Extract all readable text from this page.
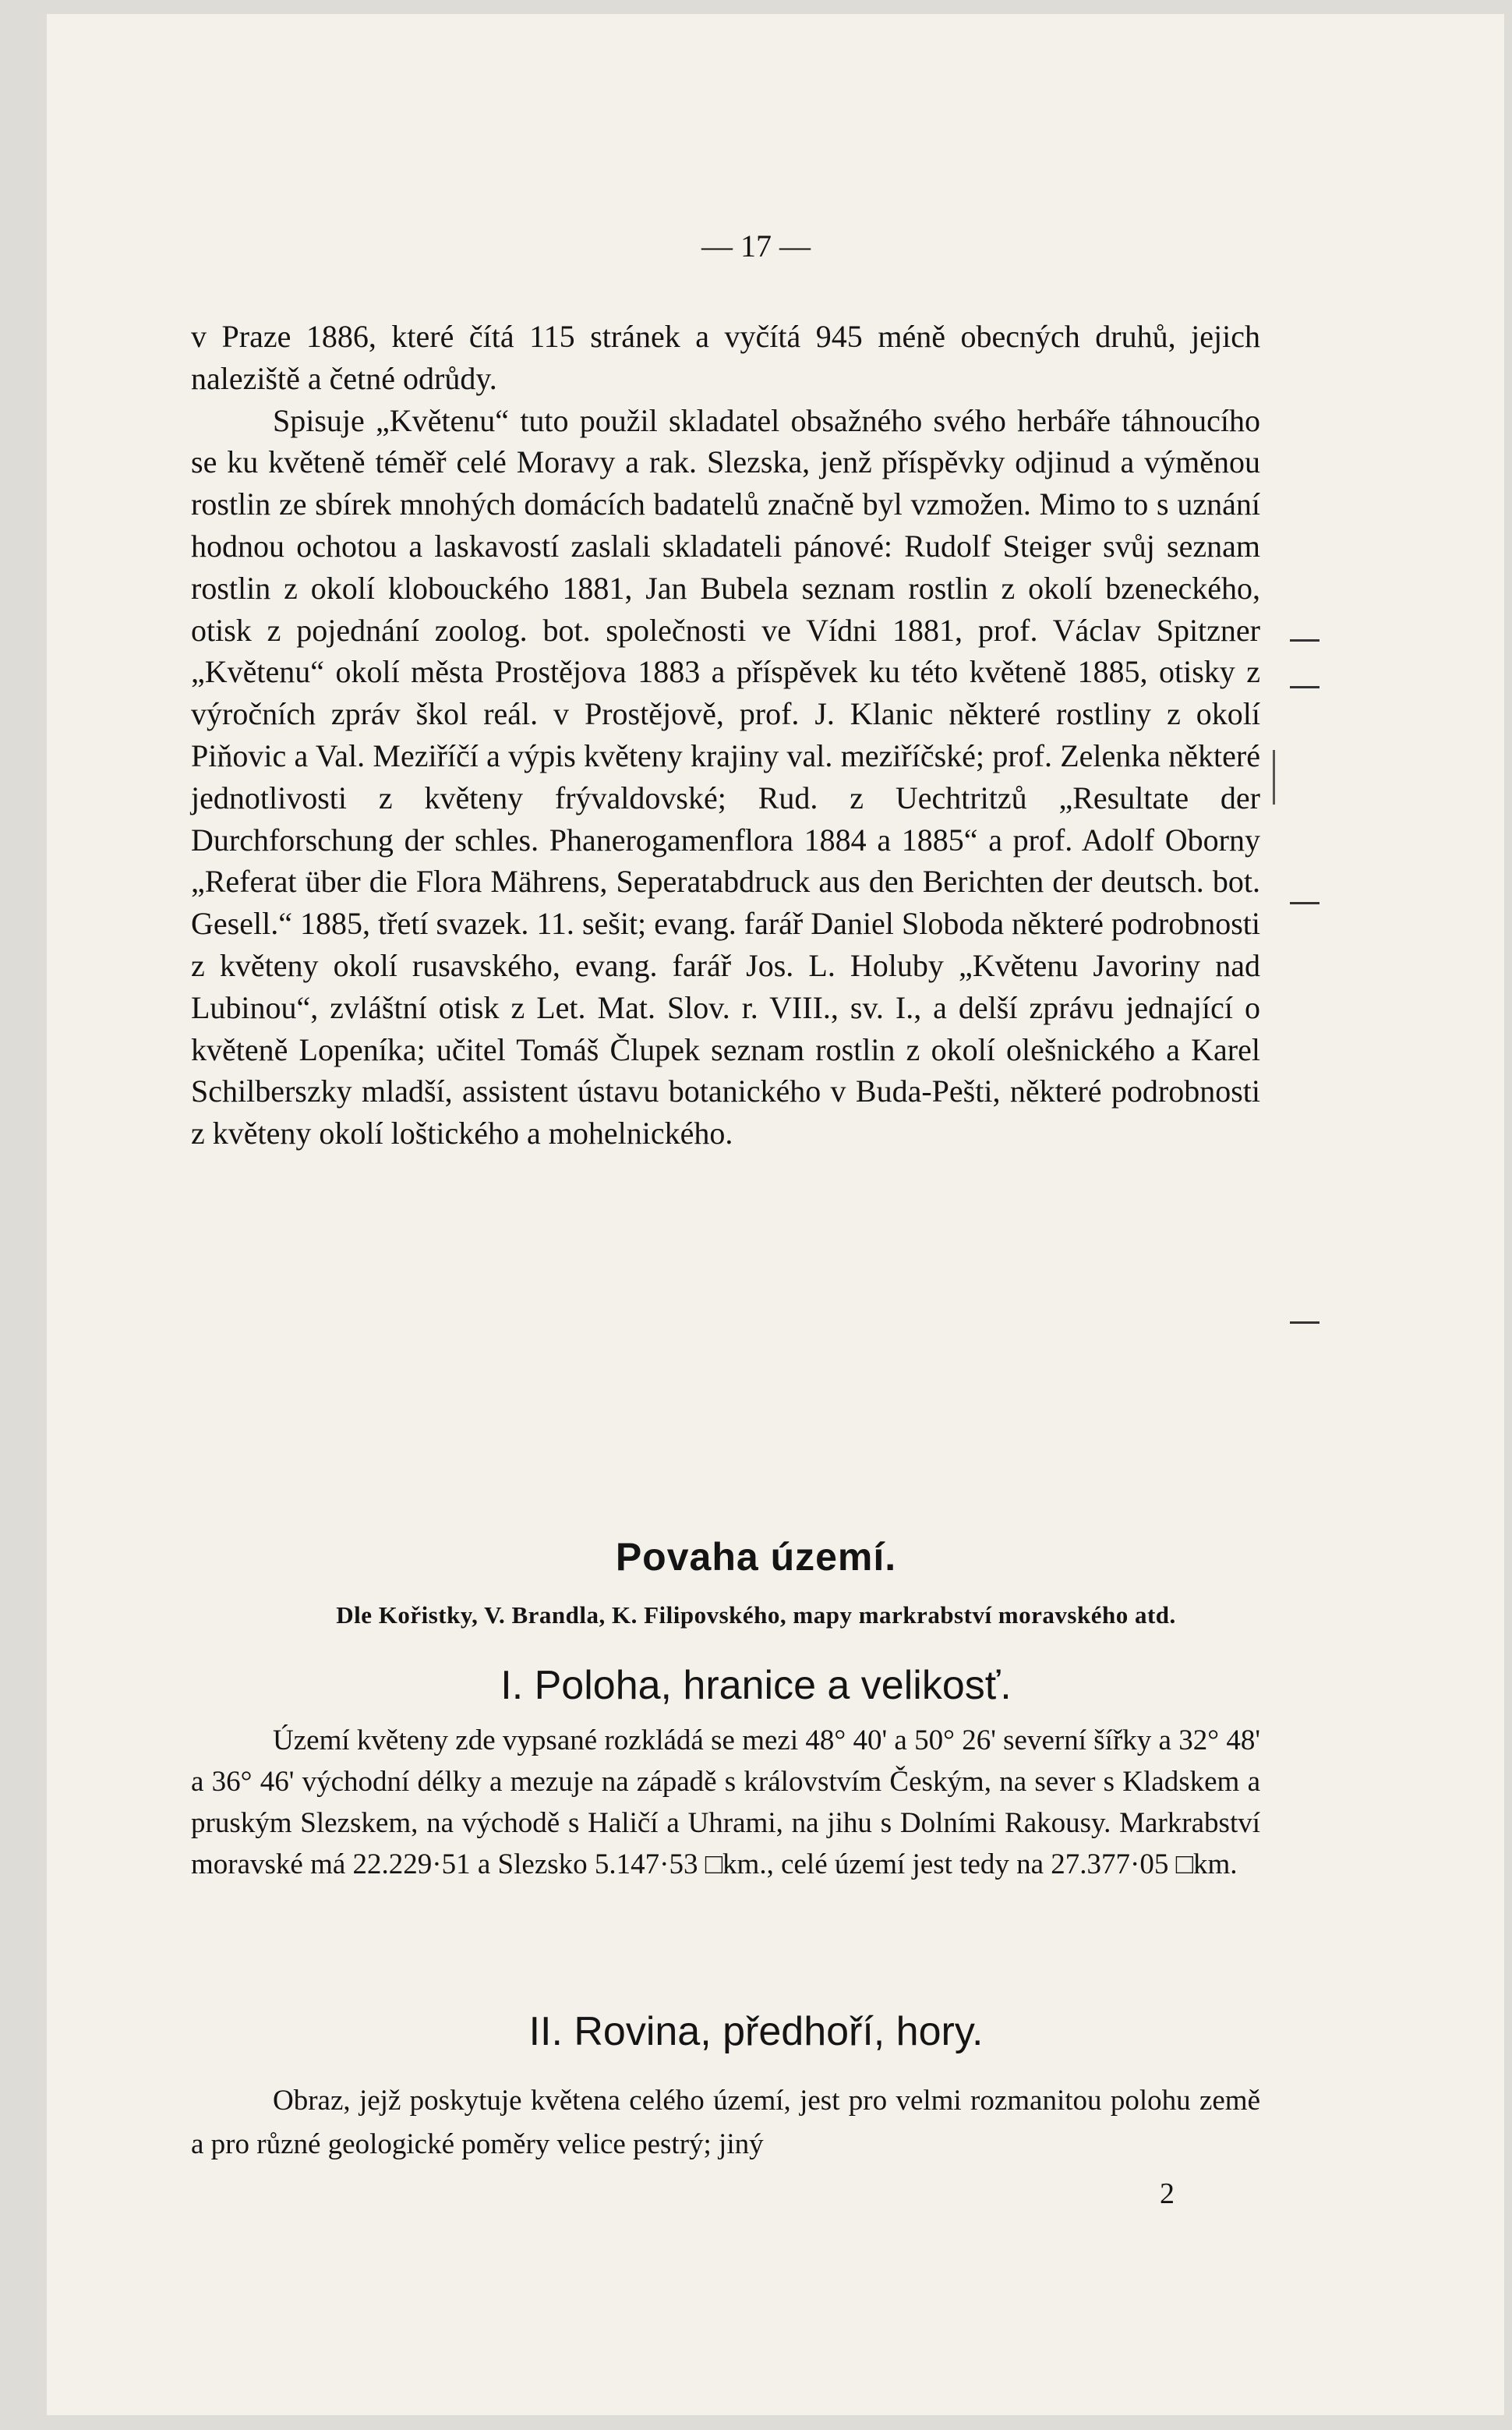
— 17 —

v Praze 1886, které čítá 115 stránek a vyčítá 945 méně obecných druhů, jejich naleziště a četné odrůdy.

Spisuje „Květenu“ tuto použil skladatel obsažného svého herbáře táhnoucího se ku květeně téměř celé Moravy a rak. Slezska, jenž příspěvky odjinud a výměnou rostlin ze sbírek mnohých domácích badatelů značně byl vzmožen. Mimo to s uznání hodnou ochotou a laskavostí zaslali skladateli pánové: Rudolf Steiger svůj seznam rostlin z okolí klobouckého 1881, Jan Bubela seznam rostlin z okolí bzeneckého, otisk z pojednání zoolog. bot. společnosti ve Vídni 1881, prof. Václav Spitzner „Květenu“ okolí města Prostějova 1883 a příspěvek ku této květeně 1885, otisky z výročních zpráv škol reál. v Prostějově, prof. J. Klanic některé rostliny z okolí Piňovic a Val. Meziříčí a výpis květeny krajiny val. meziříčské; prof. Zelenka některé jednotlivosti z květeny frývaldovské; Rud. z Uechtritzů „Resultate der Durchforschung der schles. Phanerogamenflora 1884 a 1885“ a prof. Adolf Oborny „Referat über die Flora Mährens, Seperatabdruck aus den Berichten der deutsch. bot. Gesell.“ 1885, třetí svazek. 11. sešit; evang. farář Daniel Sloboda některé podrobnosti z květeny okolí rusavského, evang. farář Jos. L. Holuby „Květenu Javoriny nad Lubinou“, zvláštní otisk z Let. Mat. Slov. r. VIII., sv. I., a delší zprávu jednající o květeně Lopeníka; učitel Tomáš Člupek seznam rostlin z okolí olešnického a Karel Schilberszky mladší, assistent ústavu botanického v Buda-Pešti, některé podrobnosti z květeny okolí loštického a mohelnického.

Povaha území.
Dle Kořistky, V. Brandla, K. Filipovského, mapy markrabství moravského atd.
I. Poloha, hranice a velikosť.

Území květeny zde vypsané rozkládá se mezi 48° 40' a 50° 26' severní šířky a 32° 48' a 36° 46' východní délky a mezuje na západě s královstvím Českým, na sever s Kladskem a pruským Slezskem, na východě s Haličí a Uhrami, na jihu s Dolními Rakousy. Markrabství moravské má 22.229·51 a Slezsko 5.147·53 □km., celé území jest tedy na 27.377·05 □km.

II. Rovina, předhoří, hory.

Obraz, jejž poskytuje květena celého území, jest pro velmi rozmanitou polohu země a pro různé geologické poměry velice pestrý; jiný

2
